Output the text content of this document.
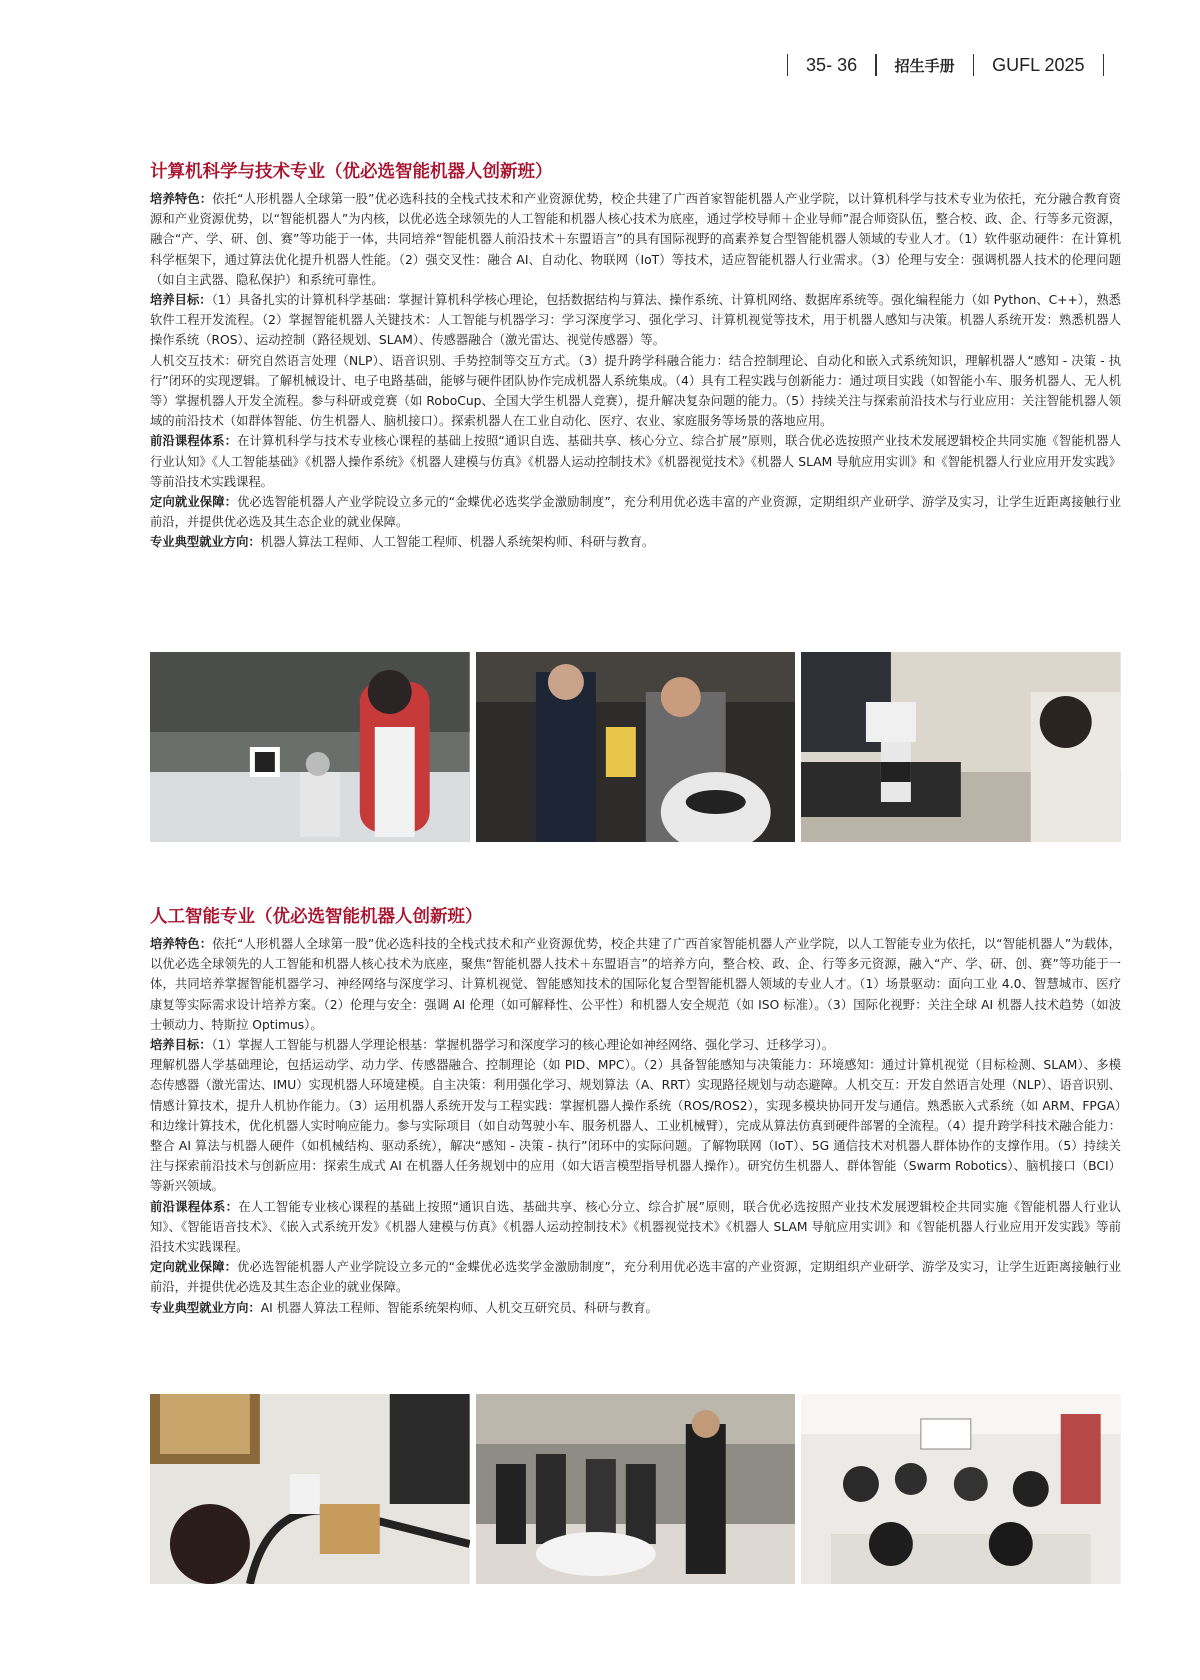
35- 36	招生手册 GUFL 2025
计算机科学与技术专业（优必选智能机器人创新班）

培养特色：依托“人形机器人全球第一股”优必选科技的全栈式技术和产业资源优势，校企共建了广西首家智能机器人产业学院，以计算机科学与技术专业为依托，充分融合教育资源和产业资源优势，以“智能机器人”为内核，以优必选全球领先的人工智能和机器人核心技术为底座，通过学校导师＋企业导师”混合师资队伍，整合校、政、企、行等多元资源，融合“产、学、研、创、赛”等功能于一体，共同培养“智能机器人前沿技术＋东盟语言”的具有国际视野的高素养复合型智能机器人领域的专业人才。（1）软件驱动硬件：在计算机科学框架下，通过算法优化提升机器人性能。（2）强交叉性：融合 AI、自动化、物联网（IoT）等技术，适应智能机器人行业需求。（3）伦理与安全：强调机器人技术的伦理问题（如自主武器、隐私保护）和系统可靠性。

培养目标：（1）具备扎实的计算机科学基础：掌握计算机科学核心理论，包括数据结构与算法、操作系统、计算机网络、数据库系统等。强化编程能力（如 Python、C++），熟悉软件工程开发流程。（2）掌握智能机器人关键技术：人工智能与机器学习：学习深度学习、强化学习、计算机视觉等技术，用于机器人感知与决策。机器人系统开发：熟悉机器人操作系统（ROS）、运动控制（路径规划、SLAM）、传感器融合（激光雷达、视觉传感器）等。

人机交互技术：研究自然语言处理（NLP）、语音识别、手势控制等交互方式。（3）提升跨学科融合能力：结合控制理论、自动化和嵌入式系统知识，理解机器人“感知 - 决策 - 执行”闭环的实现逻辑。了解机械设计、电子电路基础，能够与硬件团队协作完成机器人系统集成。（4）具有工程实践与创新能力：通过项目实践（如智能小车、服务机器人、无人机等）掌握机器人开发全流程。参与科研或竞赛（如 RoboCup、全国大学生机器人竞赛），提升解决复杂问题的能力。（5）持续关注与探索前沿技术与行业应用：关注智能机器人领域的前沿技术（如群体智能、仿生机器人、脑机接口）。探索机器人在工业自动化、医疗、农业、家庭服务等场景的落地应用。

前沿课程体系：在计算机科学与技术专业核心课程的基础上按照“通识自选、基础共享、核心分立、综合扩展”原则，联合优必选按照产业技术发展逻辑校企共同实施《智能机器人行业认知》《人工智能基础》《机器人操作系统》《机器人建模与仿真》《机器人运动控制技术》《机器视觉技术》《机器人 SLAM 导航应用实训》和《智能机器人行业应用开发实践》等前沿技术实践课程。

定向就业保障：优必选智能机器人产业学院设立多元的“金蝶优必选奖学金激励制度”，充分利用优必选丰富的产业资源，定期组织产业研学、游学及实习，让学生近距离接触行业前沿，并提供优必选及其生态企业的就业保障。

专业典型就业方向：机器人算法工程师、人工智能工程师、机器人系统架构师、科研与教育。

人工智能专业（优必选智能机器人创新班）

培养特色：依托“人形机器人全球第一股”优必选科技的全栈式技术和产业资源优势，校企共建了广西首家智能机器人产业学院，以人工智能专业为依托，以“智能机器人”为载体，以优必选全球领先的人工智能和机器人核心技术为底座，聚焦“智能机器人技术＋东盟语言”的培养方向，整合校、政、企、行等多元资源，融入“产、学、研、创、赛”等功能于一体，共同培养掌握智能机器学习、神经网络与深度学习、计算机视觉、智能感知技术的国际化复合型智能机器人领域的专业人才。（1）场景驱动：面向工业 4.0、智慧城市、医疗康复等实际需求设计培养方案。（2）伦理与安全：强调 AI 伦理（如可解释性、公平性）和机器人安全规范（如 ISO 标准）。（3）国际化视野：关注全球 AI 机器人技术趋势（如波士顿动力、特斯拉 Optimus）。

培养目标：（1）掌握人工智能与机器人学理论根基：掌握机器学习和深度学习的核心理论如神经网络、强化学习、迁移学习）。

理解机器人学基础理论，包括运动学、动力学、传感器融合、控制理论（如 PID、MPC）。（2）具备智能感知与决策能力：环境感知：通过计算机视觉（目标检测、SLAM）、多模态传感器（激光雷达、IMU）实现机器人环境建模。自主决策：利用强化学习、规划算法（A、RRT）实现路径规划与动态避障。人机交互：开发自然语言处理（NLP）、语音识别、情感计算技术，提升人机协作能力。（3）运用机器人系统开发与工程实践：掌握机器人操作系统（ROS/ROS2），实现多模块协同开发与通信。熟悉嵌入式系统（如 ARM、FPGA）和边缘计算技术，优化机器人实时响应能力。参与实际项目（如自动驾驶小车、服务机器人、工业机械臂），完成从算法仿真到硬件部署的全流程。（4）提升跨学科技术融合能力：整合 AI 算法与机器人硬件（如机械结构、驱动系统），解决“感知 - 决策 - 执行”闭环中的实际问题。了解物联网（IoT）、5G 通信技术对机器人群体协作的支撑作用。（5）持续关注与探索前沿技术与创新应用：探索生成式 AI 在机器人任务规划中的应用（如大语言模型指导机器人操作）。研究仿生机器人、群体智能（Swarm Robotics）、脑机接口（BCI）等新兴领域。

前沿课程体系：在人工智能专业核心课程的基础上按照“通识自选、基础共享、核心分立、综合扩展”原则，联合优必选按照产业技术发展逻辑校企共同实施《智能机器人行业认知》、《智能语音技术》、《嵌入式系统开发》《机器人建模与仿真》《机器人运动控制技术》《机器视觉技术》《机器人 SLAM 导航应用实训》和《智能机器人行业应用开发实践》等前沿技术实践课程。

定向就业保障：优必选智能机器人产业学院设立多元的“金蝶优必选奖学金激励制度”，充分利用优必选丰富的产业资源，定期组织产业研学、游学及实习，让学生近距离接触行业前沿，并提供优必选及其生态企业的就业保障。

专业典型就业方向：AI 机器人算法工程师、智能系统架构师、人机交互研究员、科研与教育。
